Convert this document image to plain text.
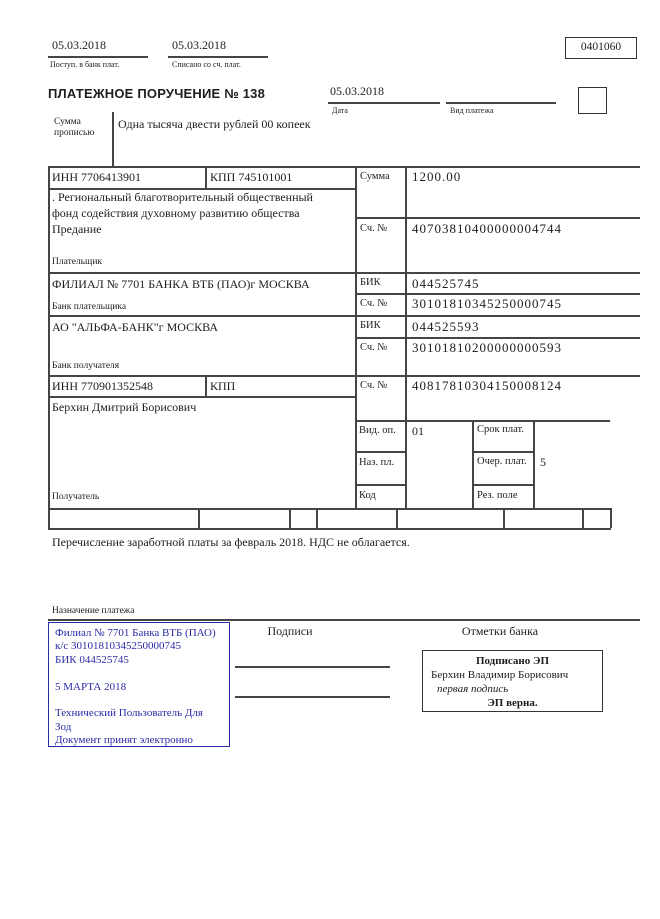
05.03.2018
Поступ. в банк плат.
05.03.2018
Списано со сч. плат.
0401060
ПЛАТЕЖНОЕ ПОРУЧЕНИЕ № 138	05.03.2018
Дата	Вид платежа
Сумма прописью
Одна тысяча двести рублей 00 копеек
ИНН 7706413901	КПП 745101001	Сумма 1200.00
. Региональный благотворительный общественный
фонд содействия духовному развитию общества
Предание
Плательщик
Сч. № 40703810400000004744
ФИЛИАЛ № 7701 БАНКА ВТБ (ПАО)г МОСКВА
Банк плательщика
БИК 044525745
Сч. № 30101810345250000745
АО "АЛЬФА-БАНК"г МОСКВА
Банк получателя
БИК 044525593
Сч. № 30101810200000000593
ИНН 770901352548	КПП	Сч. № 40817810304150008124
Берхин Дмитрий Борисович
Получатель
Вид. оп. 01	Срок плат.
Наз. пл.	Очер. плат. 5
Код	Рез. поле
Перечисление заработной платы за февраль 2018. НДС не облагается.
Назначение платежа
Филиал № 7701 Банка ВТБ (ПАО)
к/с 30101810345250000745
БИК 044525745
5 МАРТА 2018
Технический Пользователь Для
Зод
Документ принят электронно
Подписи	Отметки банка
Подписано ЭП
Берхин Владимир Борисович
первая подпись
ЭП верна.
